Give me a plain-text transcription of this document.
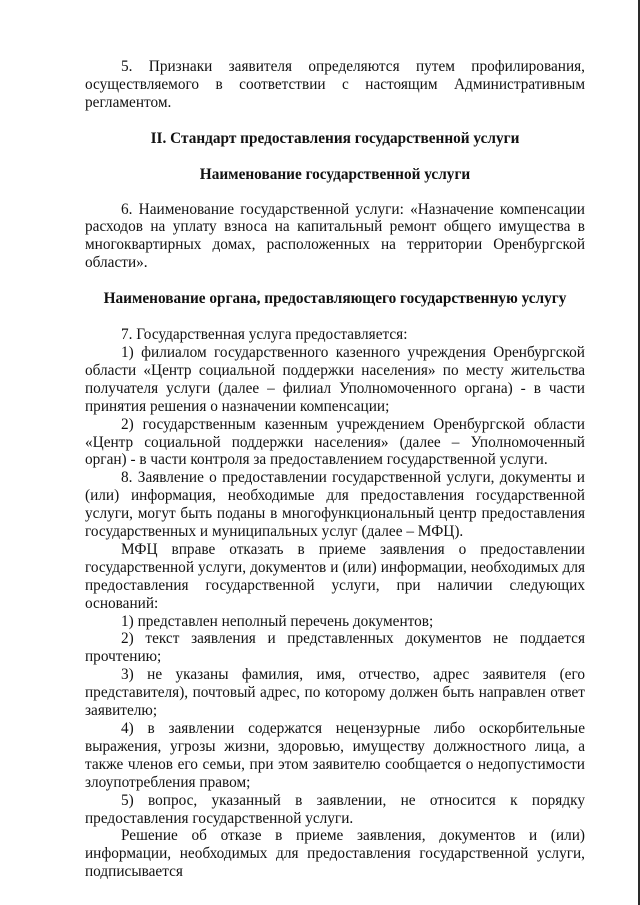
5. Признаки заявителя определяются путем профилирования, осуществляемого в соответствии с настоящим Административным регламентом.

II. Стандарт предоставления государственной услуги

Наименование государственной услуги

6. Наименование государственной услуги: «Назначение компенсации расходов на уплату взноса на капитальный ремонт общего имущества в многоквартирных домах, расположенных на территории Оренбургской области».

Наименование органа, предоставляющего государственную услугу

7. Государственная услуга предоставляется:

1) филиалом государственного казенного учреждения Оренбургской области «Центр социальной поддержки населения» по месту жительства получателя услуги (далее – филиал Уполномоченного органа) - в части принятия решения о назначении компенсации;

2) государственным казенным учреждением Оренбургской области «Центр социальной поддержки населения» (далее – Уполномоченный орган) - в части контроля за предоставлением государственной услуги.

8. Заявление о предоставлении государственной услуги, документы и (или) информация, необходимые для предоставления государственной услуги, могут быть поданы в многофункциональный центр предоставления государственных и муниципальных услуг (далее – МФЦ).

МФЦ вправе отказать в приеме заявления о предоставлении государственной услуги, документов и (или) информации, необходимых для предоставления государственной услуги, при наличии следующих оснований:

1) представлен неполный перечень документов;

2) текст заявления и представленных документов не поддается прочтению;

3) не указаны фамилия, имя, отчество, адрес заявителя (его представителя), почтовый адрес, по которому должен быть направлен ответ заявителю;

4) в заявлении содержатся нецензурные либо оскорбительные выражения, угрозы жизни, здоровью, имуществу должностного лица, а также членов его семьи, при этом заявителю сообщается о недопустимости злоупотребления правом;

5) вопрос, указанный в заявлении, не относится к порядку предоставления государственной услуги.

Решение об отказе в приеме заявления, документов и (или) информации, необходимых для предоставления государственной услуги, подписывается
